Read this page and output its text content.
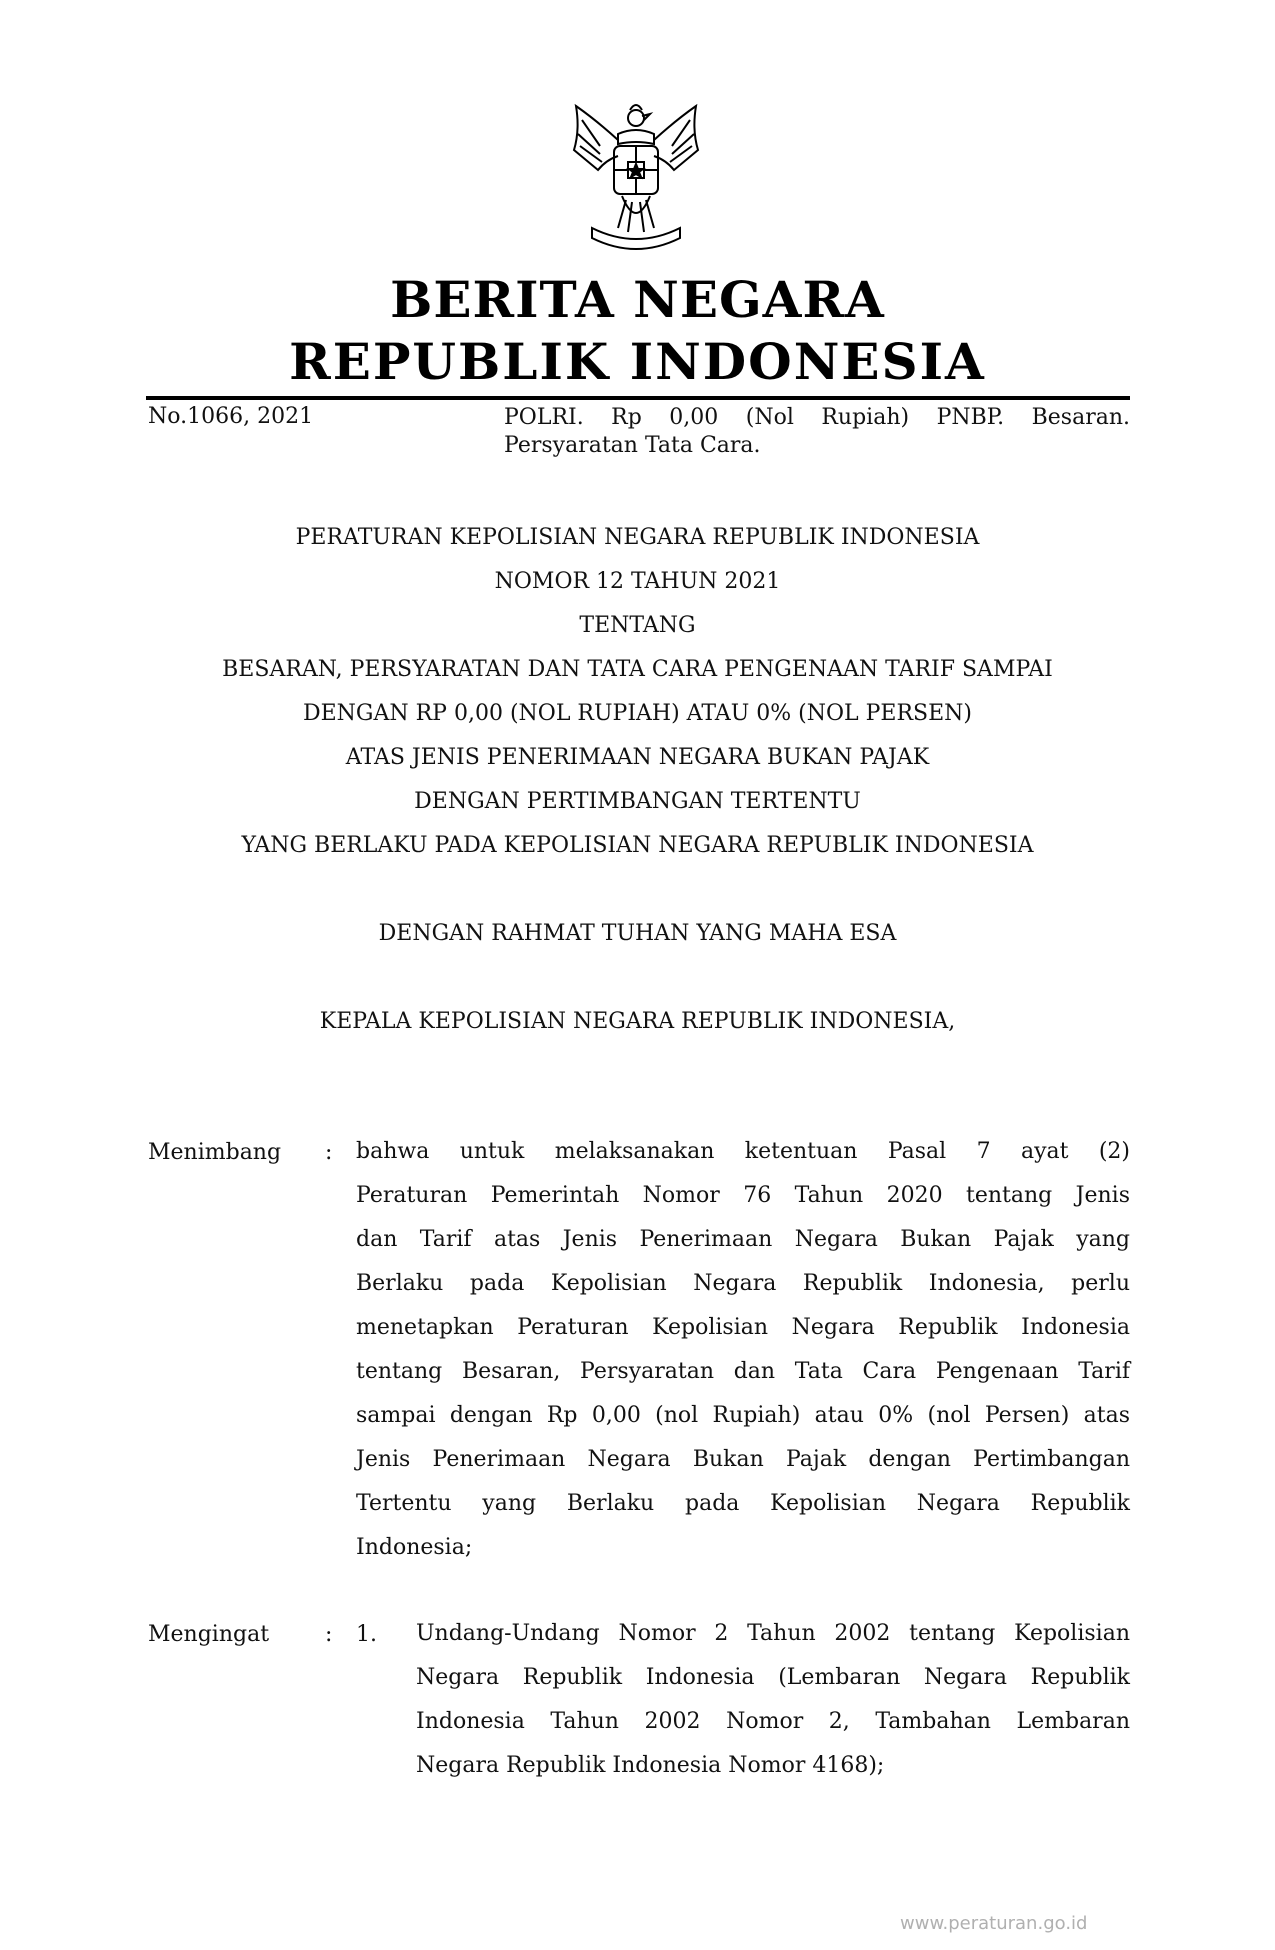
BERITA NEGARA
REPUBLIK INDONESIA
No.1066, 2021	POLRI. Rp 0,00 (Nol Rupiah) PNBP. Besaran.
Persyaratan Tata Cara.
PERATURAN KEPOLISIAN NEGARA REPUBLIK INDONESIA
NOMOR 12 TAHUN 2021
TENTANG
BESARAN, PERSYARATAN DAN TATA CARA PENGENAAN TARIF SAMPAI
DENGAN RP 0,00 (NOL RUPIAH) ATAU 0% (NOL PERSEN)
ATAS JENIS PENERIMAAN NEGARA BUKAN PAJAK
DENGAN PERTIMBANGAN TERTENTU
YANG BERLAKU PADA KEPOLISIAN NEGARA REPUBLIK INDONESIA
DENGAN RAHMAT TUHAN YANG MAHA ESA
KEPALA KEPOLISIAN NEGARA REPUBLIK INDONESIA,
Menimbang : bahwa untuk melaksanakan ketentuan Pasal 7 ayat (2)
Peraturan Pemerintah Nomor 76 Tahun 2020 tentang Jenis
dan Tarif atas Jenis Penerimaan Negara Bukan Pajak yang
Berlaku pada Kepolisian Negara Republik Indonesia, perlu
menetapkan Peraturan Kepolisian Negara Republik Indonesia
tentang Besaran, Persyaratan dan Tata Cara Pengenaan Tarif
sampai dengan Rp 0,00 (nol Rupiah) atau 0% (nol Persen) atas
Jenis Penerimaan Negara Bukan Pajak dengan Pertimbangan
Tertentu yang Berlaku pada Kepolisian Negara Republik
Indonesia;
Mengingat	: 1. Undang-Undang Nomor 2 Tahun 2002 tentang Kepolisian
Negara Republik Indonesia (Lembaran Negara Republik
Indonesia Tahun 2002 Nomor 2, Tambahan Lembaran
Negara Republik Indonesia Nomor 4168);
www.peraturan.go.id
